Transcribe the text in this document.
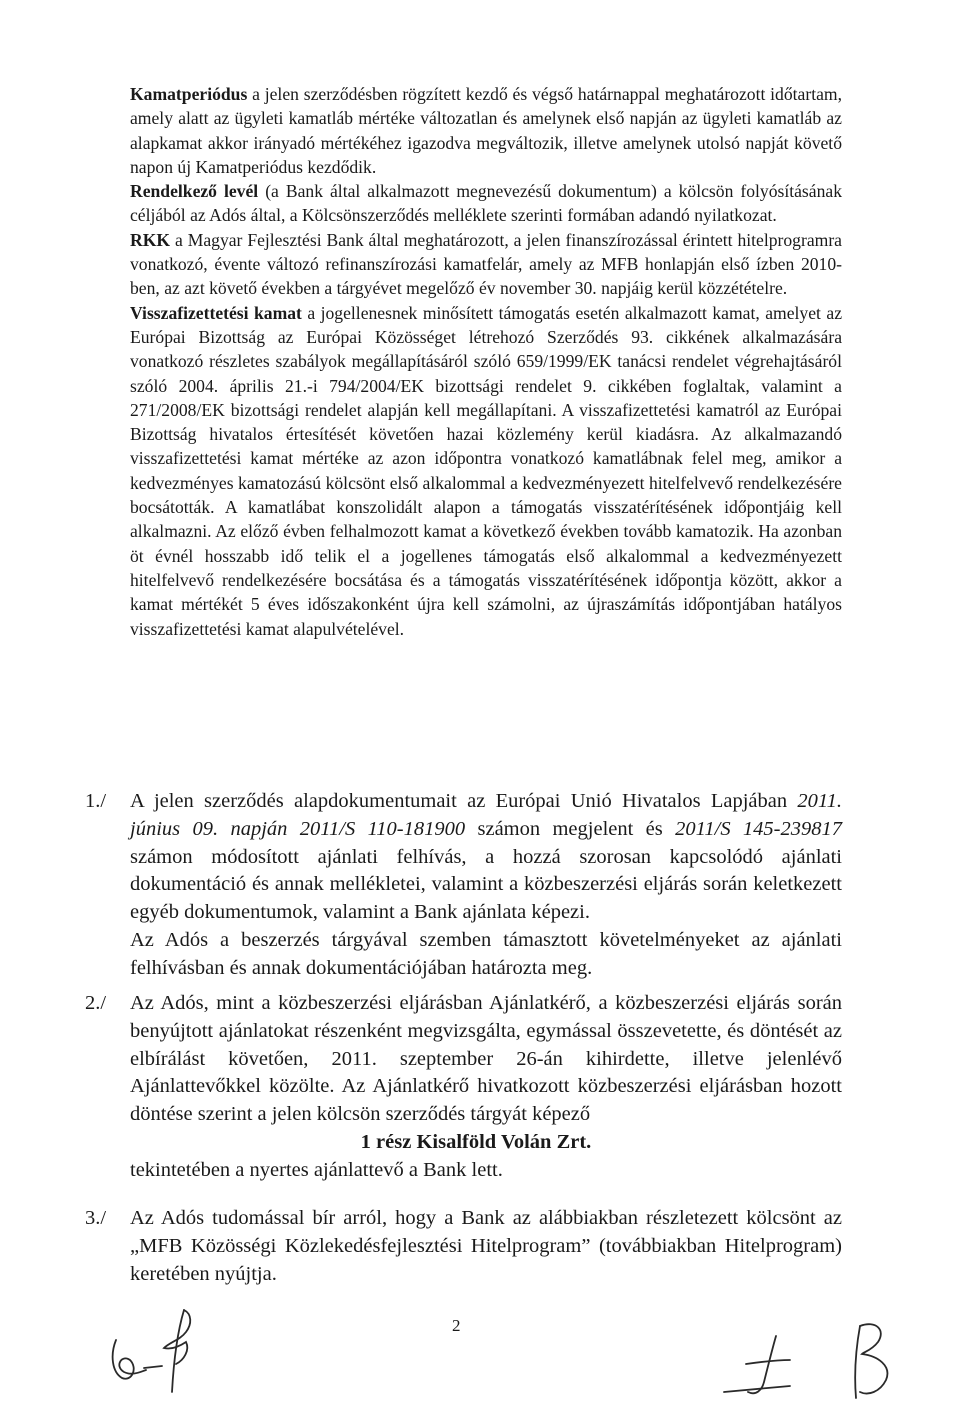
Kamatperiódus a jelen szerződésben rögzített kezdő és végső határnappal meghatározott időtartam, amely alatt az ügyleti kamatláb mértéke változatlan és amelynek első napján az ügyleti kamatláb az alapkamat akkor irányadó mértékéhez igazodva megváltozik, illetve amelynek utolsó napját követő napon új Kamatperiódus kezdődik.

Rendelkező levél (a Bank által alkalmazott megnevezésű dokumentum) a kölcsön folyósításának céljából az Adós által, a Kölcsönszerződés melléklete szerinti formában adandó nyilatkozat.

RKK a Magyar Fejlesztési Bank által meghatározott, a jelen finanszírozással érintett hitelprogramra vonatkozó, évente változó refinanszírozási kamatfelár, amely az MFB honlapján első ízben 2010-ben, az azt követő években a tárgyévet megelőző év november 30. napjáig kerül közzétételre.

Visszafizettetési kamat a jogellenesnek minősített támogatás esetén alkalmazott kamat, amelyet az Európai Bizottság az Európai Közösséget létrehozó Szerződés 93. cikkének alkalmazására vonatkozó részletes szabályok megállapításáról szóló 659/1999/EK tanácsi rendelet végrehajtásáról szóló 2004. április 21.-i 794/2004/EK bizottsági rendelet 9. cikkében foglaltak, valamint a 271/2008/EK bizottsági rendelet alapján kell megállapítani. A visszafizettetési kamatról az Európai Bizottság hivatalos értesítését követően hazai közlemény kerül kiadásra. Az alkalmazandó visszafizettetési kamat mértéke az azon időpontra vonatkozó kamatlábnak felel meg, amikor a kedvezményes kamatozású kölcsönt első alkalommal a kedvezményezett hitelfelvevő rendelkezésére bocsátották. A kamatlábat konszolidált alapon a támogatás visszatérítésének időpontjáig kell alkalmazni. Az előző évben felhalmozott kamat a következő években tovább kamatozik. Ha azonban öt évnél hosszabb idő telik el a jogellenes támogatás első alkalommal a kedvezményezett hitelfelvevő rendelkezésére bocsátása és a támogatás visszatérítésének időpontja között, akkor a kamat mértékét 5 éves időszakonként újra kell számolni, az újraszámítás időpontjában hatályos visszafizettetési kamat alapulvételével.

1./ A jelen szerződés alapdokumentumait az Európai Unió Hivatalos Lapjában 2011. június 09. napján 2011/S 110-181900 számon megjelent és 2011/S 145-239817 számon módosított ajánlati felhívás, a hozzá szorosan kapcsolódó ajánlati dokumentáció és annak mellékletei, valamint a közbeszerzési eljárás során keletkezett egyéb dokumentumok, valamint a Bank ajánlata képezi.

Az Adós a beszerzés tárgyával szemben támasztott követelményeket az ajánlati felhívásban és annak dokumentációjában határozta meg.

2./ Az Adós, mint a közbeszerzési eljárásban Ajánlatkérő, a közbeszerzési eljárás során benyújtott ajánlatokat részenként megvizsgálta, egymással összevetette, és döntését az elbírálást követően, 2011. szeptember 26-án kihirdette, illetve jelenlévő Ajánlattevőkkel közölte. Az Ajánlatkérő hivatkozott közbeszerzési eljárásban hozott döntése szerint a jelen kölcsön szerződés tárgyát képező

1 rész Kisalföld Volán Zrt.

tekintetében a nyertes ajánlattevő a Bank lett.

3./ Az Adós tudomással bír arról, hogy a Bank az alábbiakban részletezett kölcsönt az „MFB Közösségi Közlekedésfejlesztési Hitelprogram” (továbbiakban Hitelprogram) keretében nyújtja.

2
